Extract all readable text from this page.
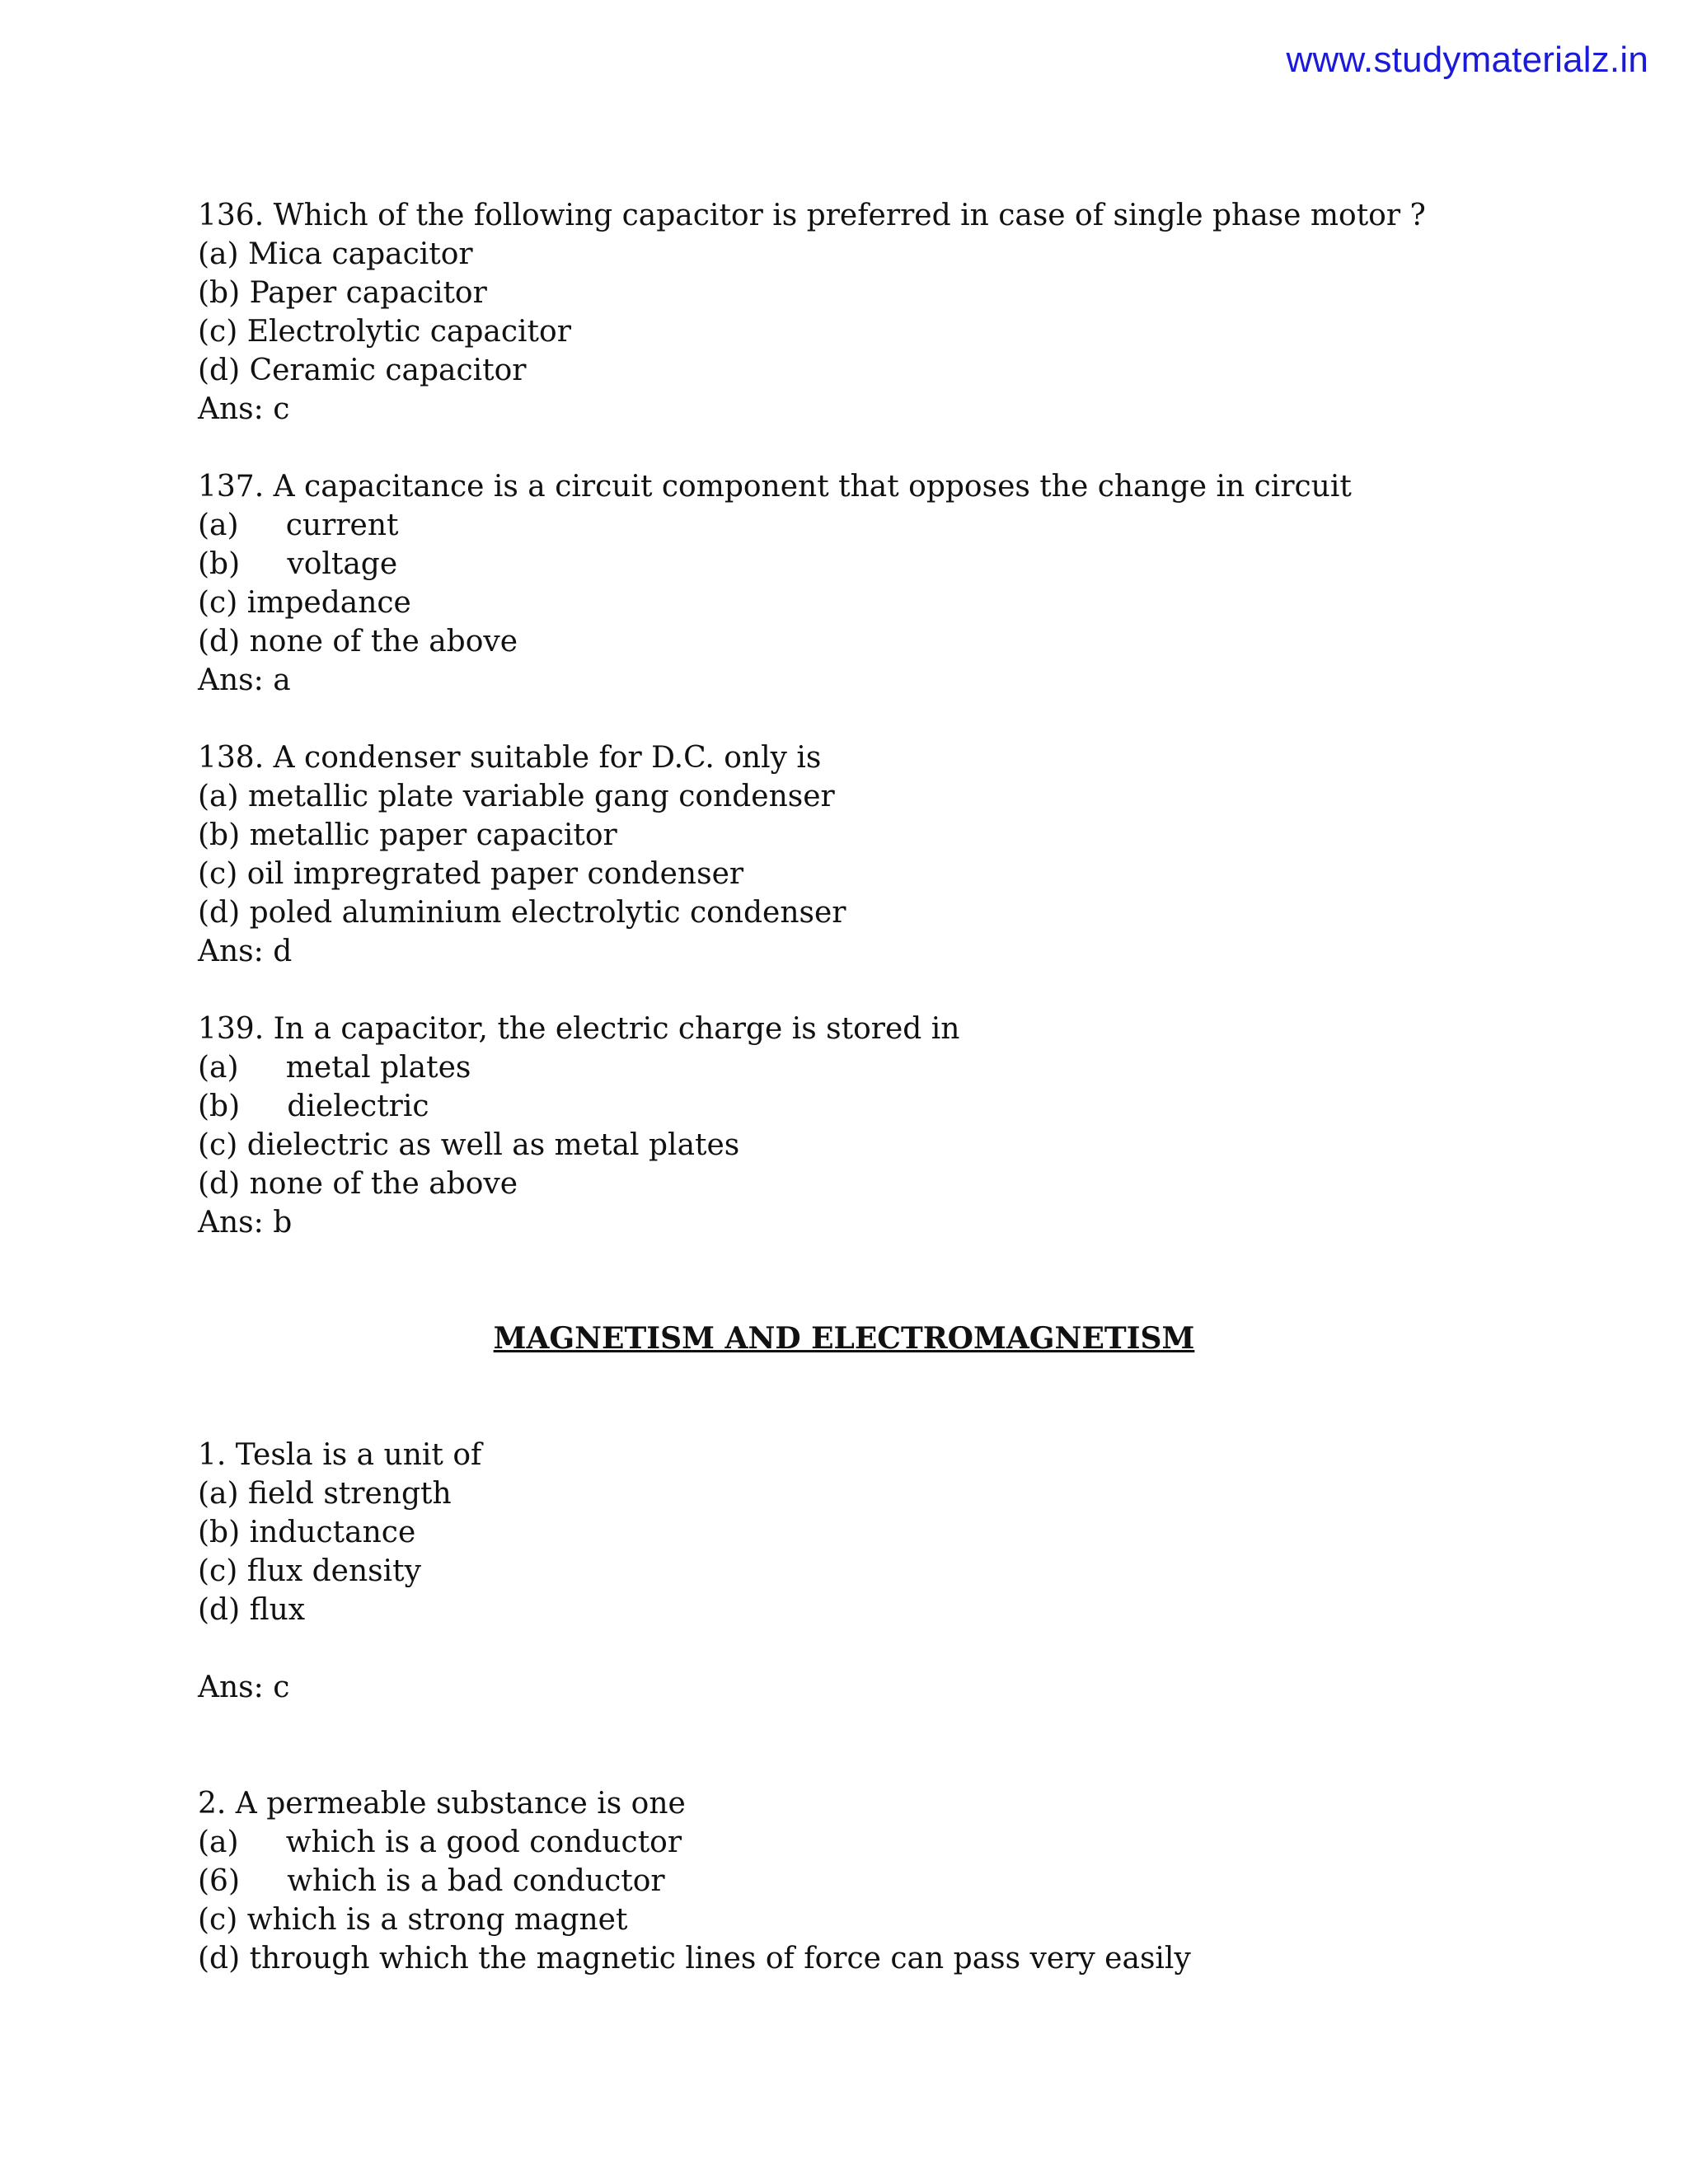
www.studymaterialz.in
136. Which of the following capacitor is preferred in case of single phase motor ?
(a) Mica capacitor
(b) Paper capacitor
(c) Electrolytic capacitor
(d) Ceramic capacitor
Ans: c
137. A capacitance is a circuit component that opposes the change in circuit
(a)     current
(b)     voltage
(c) impedance
(d) none of the above
Ans: a
138. A condenser suitable for D.C. only is
(a) metallic plate variable gang condenser
(b) metallic paper capacitor
(c) oil impregrated paper condenser
(d) poled aluminium electrolytic condenser
Ans: d
139. In a capacitor, the electric charge is stored in
(a)     metal plates
(b)     dielectric
(c) dielectric as well as metal plates
(d) none of the above
Ans: b
MAGNETISM AND ELECTROMAGNETISM
1. Tesla is a unit of
(a) field strength
(b) inductance
(c) flux density
(d) flux
Ans: c
2. A permeable substance is one
(a)     which is a good conductor
(6)     which is a bad conductor
(c) which is a strong magnet
(d) through which the magnetic lines of force can pass very easily
